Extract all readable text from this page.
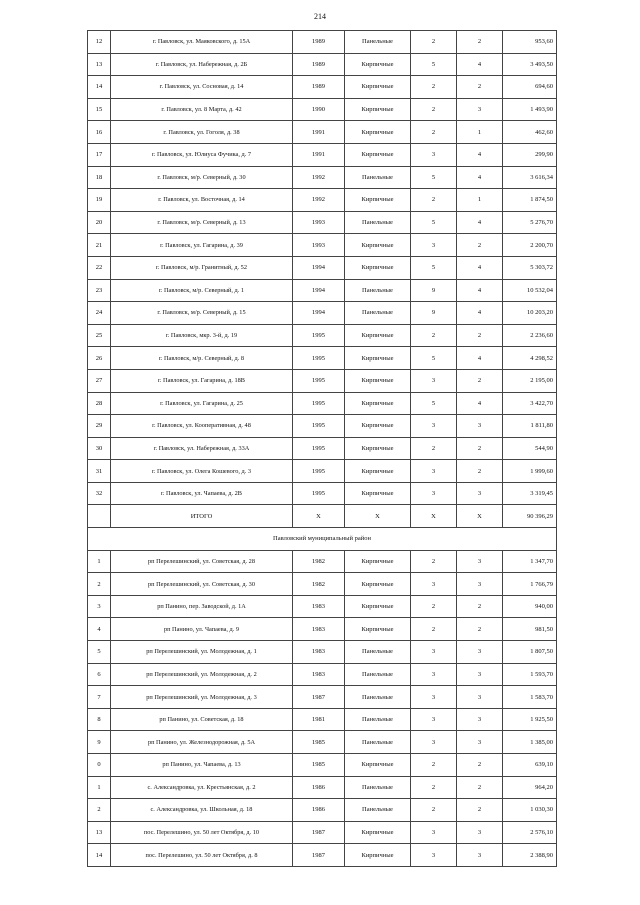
214
12	г. Павловск, ул. Маяковского, д. 15А	1989	Панельные	2	2	953,60
13	г. Павловск, ул. Набережная, д. 2Б	1989	Кирпичные	5	4	3 493,50
14	г. Павловск, ул. Сосновая, д. 14	1989	Кирпичные	2	2	694,60
15	г. Павловск, ул. 8 Марта, д. 42	1990	Кирпичные	2	3	1 493,90
16	г. Павловск, ул. Гоголя, д. 38	1991	Кирпичные	2	1	462,60
17	г. Павловск, ул. Юлиуса Фучика, д. 7	1991	Кирпичные	3	4	299,90
18	г. Павловск, м/р. Северный, д. 30	1992	Панельные	5	4	3 616,34
19	г. Павловск, ул. Восточная, д. 14	1992	Кирпичные	2	1	1 874,50
20	г. Павловск, м/р. Северный, д. 13	1993	Панельные	5	4	5 276,70
21	г. Павловск, ул. Гагарина, д. 39	1993	Кирпичные	3	2	2 200,70
22	г. Павловск, м/р. Гранитный, д. 52	1994	Кирпичные	5	4	5 303,72
23	г. Павловск, м/р. Северный, д. 1	1994	Панельные	9	4	10 532,04
24	г. Павловск, м/р. Северный, д. 15	1994	Панельные	9	4	10 203,20
25	г. Павловск, мкр. 3-й, д. 19	1995	Кирпичные	2	2	2 236,60
26	г. Павловск, м/р. Северный, д. 8	1995	Кирпичные	5	4	4 298,52
27	г. Павловск, ул. Гагарина, д. 18В	1995	Кирпичные	3	2	2 195,00
28	г. Павловск, ул. Гагарина, д. 25	1995	Кирпичные	5	4	3 422,70
29	г. Павловск, ул. Кооперативная, д. 48	1995	Кирпичные	3	3	1 811,80
30	г. Павловск, ул. Набережная, д. 33А	1995	Кирпичные	2	2	544,90
31	г. Павловск, ул. Олега Кошевого, д. 3	1995	Кирпичные	3	2	1 999,60
32	г. Павловск, ул. Чапаева, д. 2В	1995	Кирпичные	3	3	3 319,45
	ИТОГО	X	X	X	X	90 396,29
Павловский муниципальный район						
1	рп Перелешинский, ул. Советская, д. 28	1982	Кирпичные	2	3	1 347,70
2	рп Перелешинский, ул. Советская, д. 30	1982	Кирпичные	3	3	1 766,79
3	рп Панино, пер. Заводской, д. 1А	1983	Кирпичные	2	2	940,00
4	рп Панино, ул. Чапаева, д. 9	1983	Кирпичные	2	2	981,50
5	рп Перелешинский, ул. Молодежная, д. 1	1983	Панельные	3	3	1 807,50
6	рп Перелешинский, ул. Молодежная, д. 2	1983	Панельные	3	3	1 593,70
7	рп Перелешинский, ул. Молодежная, д. 3	1987	Панельные	3	3	1 583,70
8	рп Панино, ул. Советская, д. 18	1981	Панельные	3	3	1 925,50
9	рп Панино, ул. Железнодорожная, д. 5А	1985	Панельные	3	3	1 385,00
0	рп Панино, ул. Чапаева, д. 13	1985	Кирпичные	2	2	639,10
1	с. Александровка, ул. Крестьянская, д. 2	1986	Панельные	2	2	964,20
2	с. Александровка, ул. Школьная, д. 18	1986	Панельные	2	2	1 030,30
13	пос. Перелешино, ул. 50 лет Октября, д. 10	1987	Кирпичные	3	3	2 576,10
14	пос. Перелешино, ул. 50 лет Октября, д. 8	1987	Кирпичные	3	3	2 388,90
